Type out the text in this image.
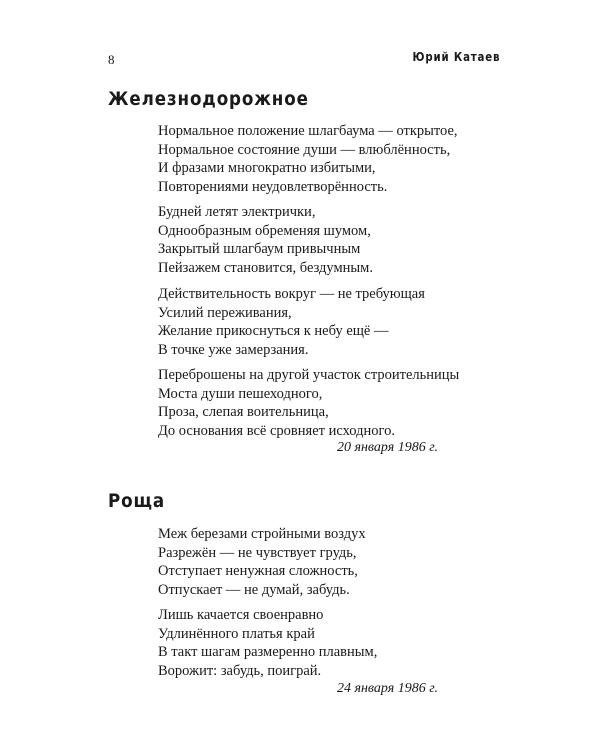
8	Юрий Катаев
Железнодорожное
Нормальное положение шлагбаума — открытое,
Нормальное состояние души — влюблённость,
И фразами многократно избитыми,
Повторениями неудовлетворённость.
Будней летят электрички,
Однообразным обременяя шумом,
Закрытый шлагбаум привычным
Пейзажем становится, бездумным.
Действительность вокруг — не требующая
Усилий переживания,
Желание прикоснуться к небу ещё —
В точке уже замерзания.
Переброшены на другой участок строительницы
Моста души пешеходного,
Проза, слепая воительница,
До основания всё сровняет исходного.
20 января 1986 г.
Роща
Меж березами стройными воздух
Разрежён — не чувствует грудь,
Отступает ненужная сложность,
Отпускает — не думай, забудь.
Лишь качается своенравно
Удлинённого платья край
В такт шагам размеренно плавным,
Ворожит: забудь, поиграй.
24 января 1986 г.
